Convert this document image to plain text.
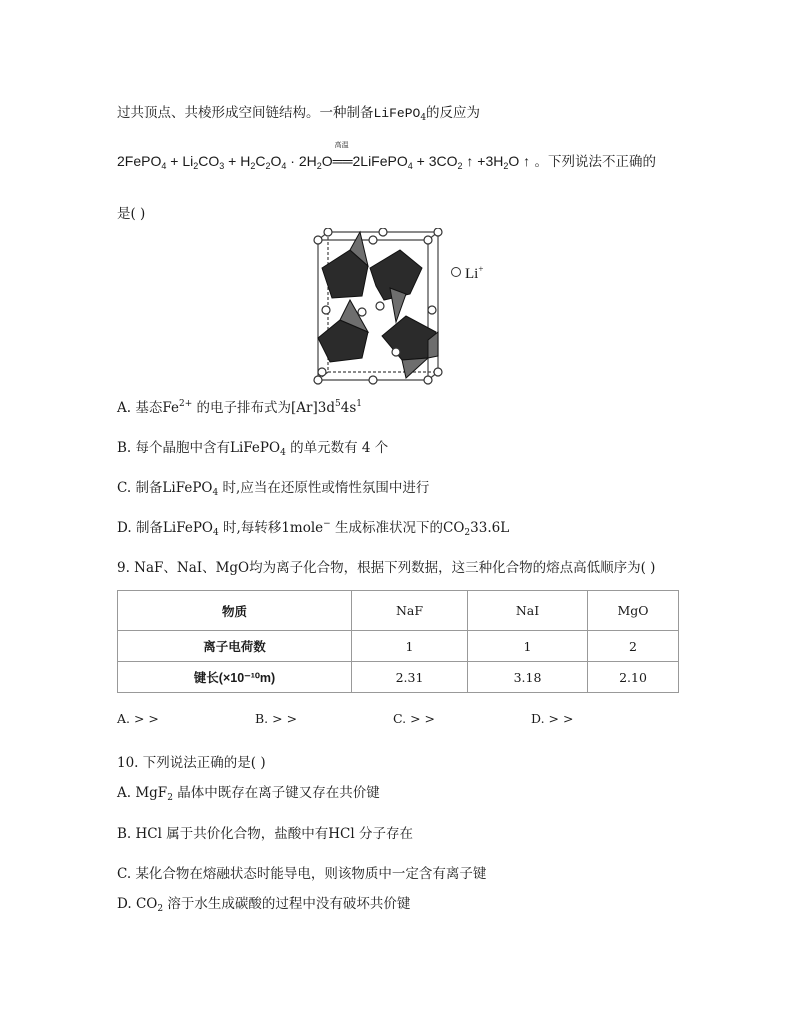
过共顶点、共棱形成空间链结构。一种制备LiFePO$_4$的反应为
2FePO$_4$ + $Li_2CO_3 + H_2C_2O_4 \cdot 2H_2O$
高温
══2LiFePO$_4$ + $3CO_2$ ↑ $+3H_2O$ ↑ 。下列说法不正确的
是( )
Li+
A. 基态$Fe^{2+}$ 的电子排布式为$[Ar]3d^54s^1$
B. 每个晶胞中含有LiFePO$_4$ 的单元数有 4 个
C. 制备LiFePO$_4$ 时,应当在还原性或惰性氛围中进行
D. 制备LiFePO$_4$ 时,每转移1mole− 生成标准状况下的$CO_233.6L$
9. NaF、NaI、MgO均为离子化合物，根据下列数据，这三种化合物的熔点高低顺序为( )
物质	NaF	NaI	MgO
离子电荷数	1	1	2
键长(×10⁻¹⁰m)	2.31	3.18	2.10
A. > >	B. > >	C. > >	D. > >
10. 下列说法正确的是( )
A. MgF$_2$ 晶体中既存在离子键又存在共价键
B. HCl 属于共价化合物，盐酸中有HCl 分子存在
C. 某化合物在熔融状态时能导电，则该物质中一定含有离子键
D. $CO_2$ 溶于水生成碳酸的过程中没有破坏共价键
